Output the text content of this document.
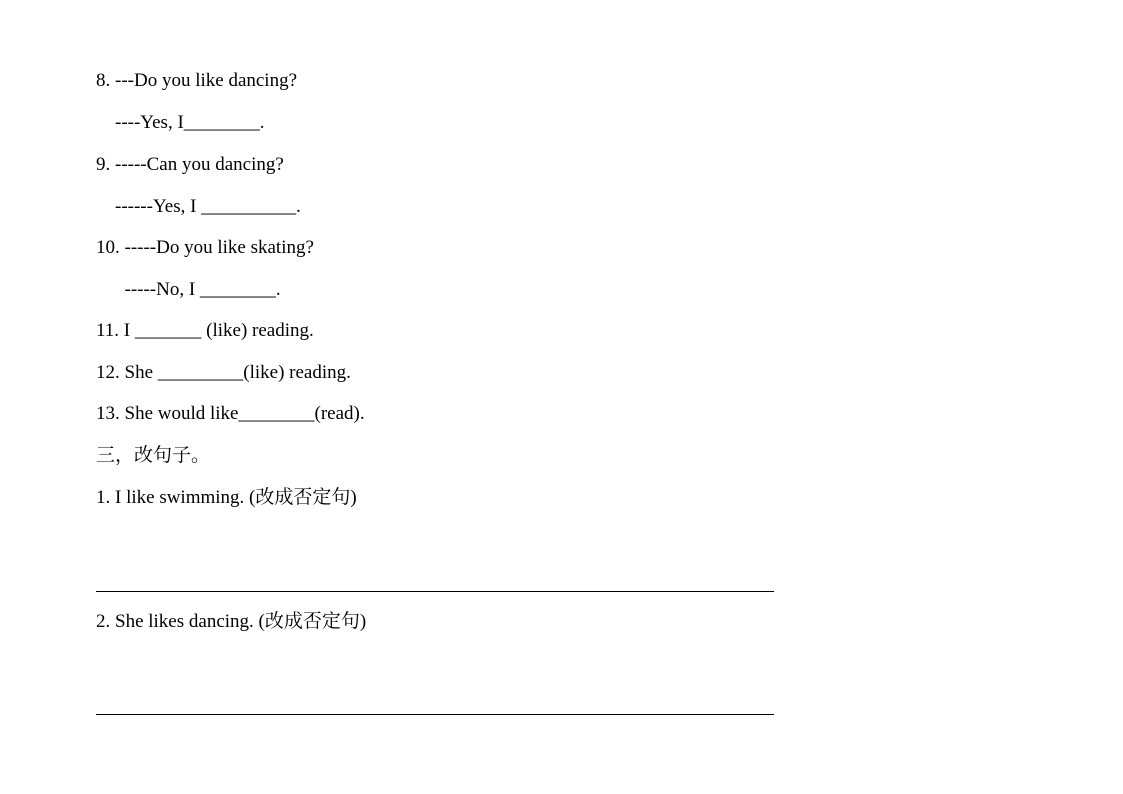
8. ---Do you like dancing?
----Yes, I________.
9. -----Can you dancing?
------Yes, I __________.
10. -----Do you like skating?
-----No, I ________.
11. I _______ (like) reading.
12. She _________(like) reading.
13. She would like________(read).
三，改句子。
1. I like swimming. (改成否定句)
2. She likes dancing. (改成否定句)
